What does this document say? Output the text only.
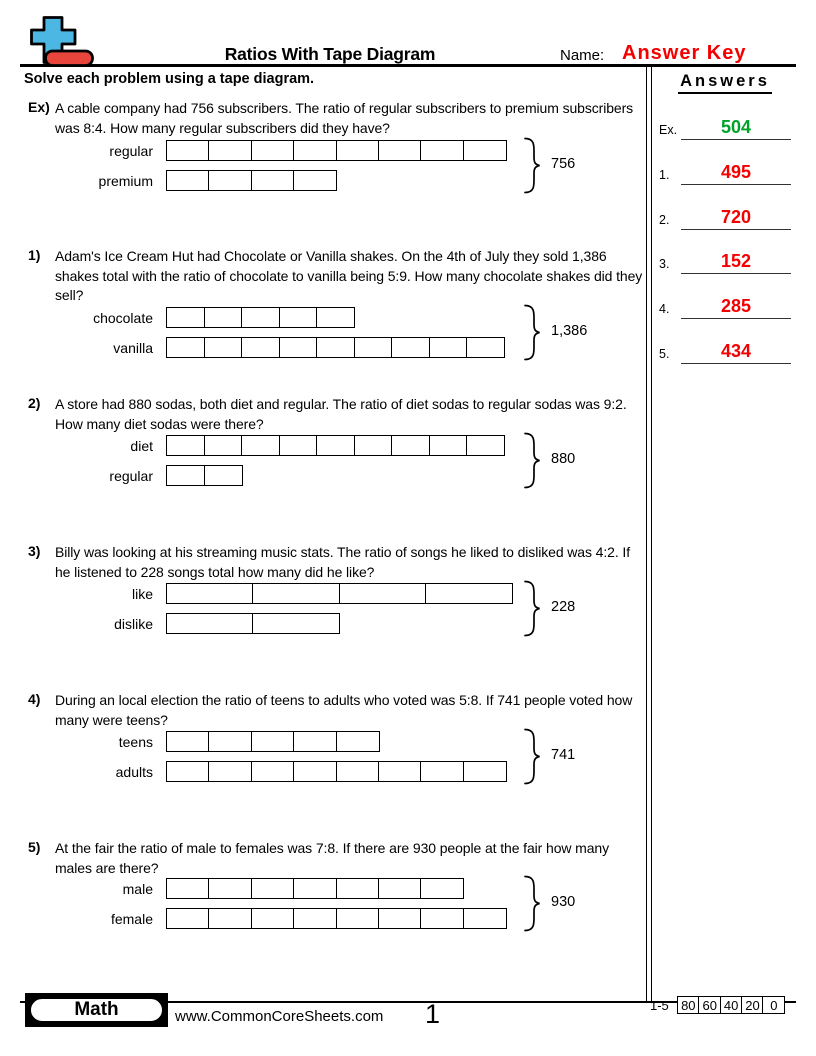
Ratios With Tape Diagram	Name: Answer Key
Solve each problem using a tape diagram.	Answers
Ex.	504
1.	495
2.	720
3.	152
4.	285
5.	434
Ex) A cable company had 756 subscribers. The ratio of regular subscribers to premium subscribers was 8:4. How many regular subscribers did they have?
regular
premium
756
1) Adam's Ice Cream Hut had Chocolate or Vanilla shakes. On the 4th of July they sold 1,386 shakes total with the ratio of chocolate to vanilla being 5:9. How many chocolate shakes did they sell?
chocolate
vanilla
1,386
2) A store had 880 sodas, both diet and regular. The ratio of diet sodas to regular sodas was 9:2. How many diet sodas were there?
diet
regular
880
3) Billy was looking at his streaming music stats. The ratio of songs he liked to disliked was 4:2. If he listened to 228 songs total how many did he like?
like
dislike
228
4) During an local election the ratio of teens to adults who voted was 5:8. If 741 people voted how many were teens?
teens
adults
741
5) At the fair the ratio of male to females was 7:8. If there are 930 people at the fair how many males are there?
male
female
930
Math	www.CommonCoreSheets.com 1	1-5 80 60 40 20 0
